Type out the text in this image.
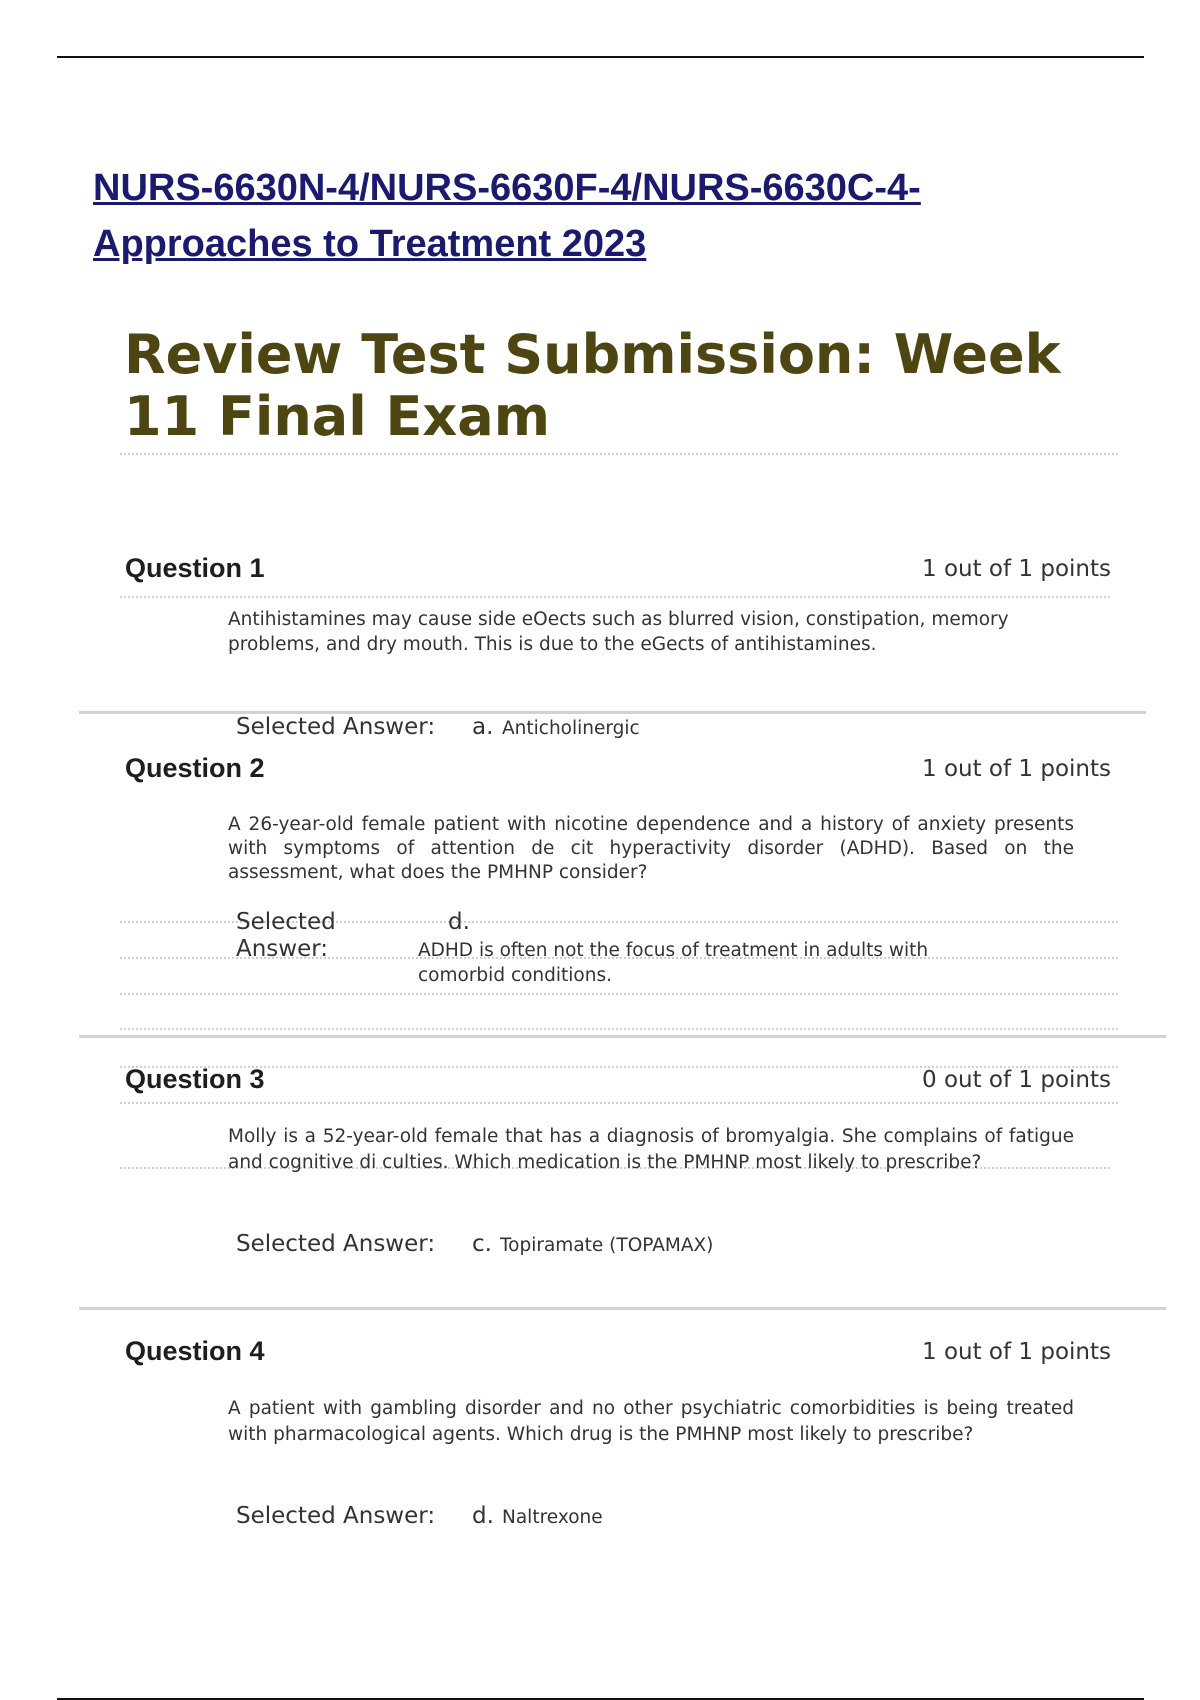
NURS-6630N-4/NURS-6630F-4/NURS-6630C-4-Approaches to Treatment 2023
Review Test Submission: Week 11 Final Exam
Question 1	1 out of 1 points

Antihistamines may cause side eOects such as blurred vision, constipation, memory problems, and dry mouth. This is due to the eGects of antihistamines.

Selected Answer: a. Anticholinergic
Question 2	1 out of 1 points

A 26-year-old female patient with nicotine dependence and a history of anxiety presents with symptoms of attention de cit hyperactivity disorder (ADHD). Based on the assessment, what does the PMHNP consider?

Selected
Answer:
d.
ADHD is often not the focus of treatment in adults with comorbid conditions.
Question 3	0 out of 1 points

Molly is a 52-year-old female that has a diagnosis of bromyalgia. She complains of fatigue and cognitive di culties. Which medication is the PMHNP most likely to prescribe?

Selected Answer: c. Topiramate (TOPAMAX)
Question 4	1 out of 1 points

A patient with gambling disorder and no other psychiatric comorbidities is being treated with pharmacological agents. Which drug is the PMHNP most likely to prescribe?

Selected Answer: d. Naltrexone
